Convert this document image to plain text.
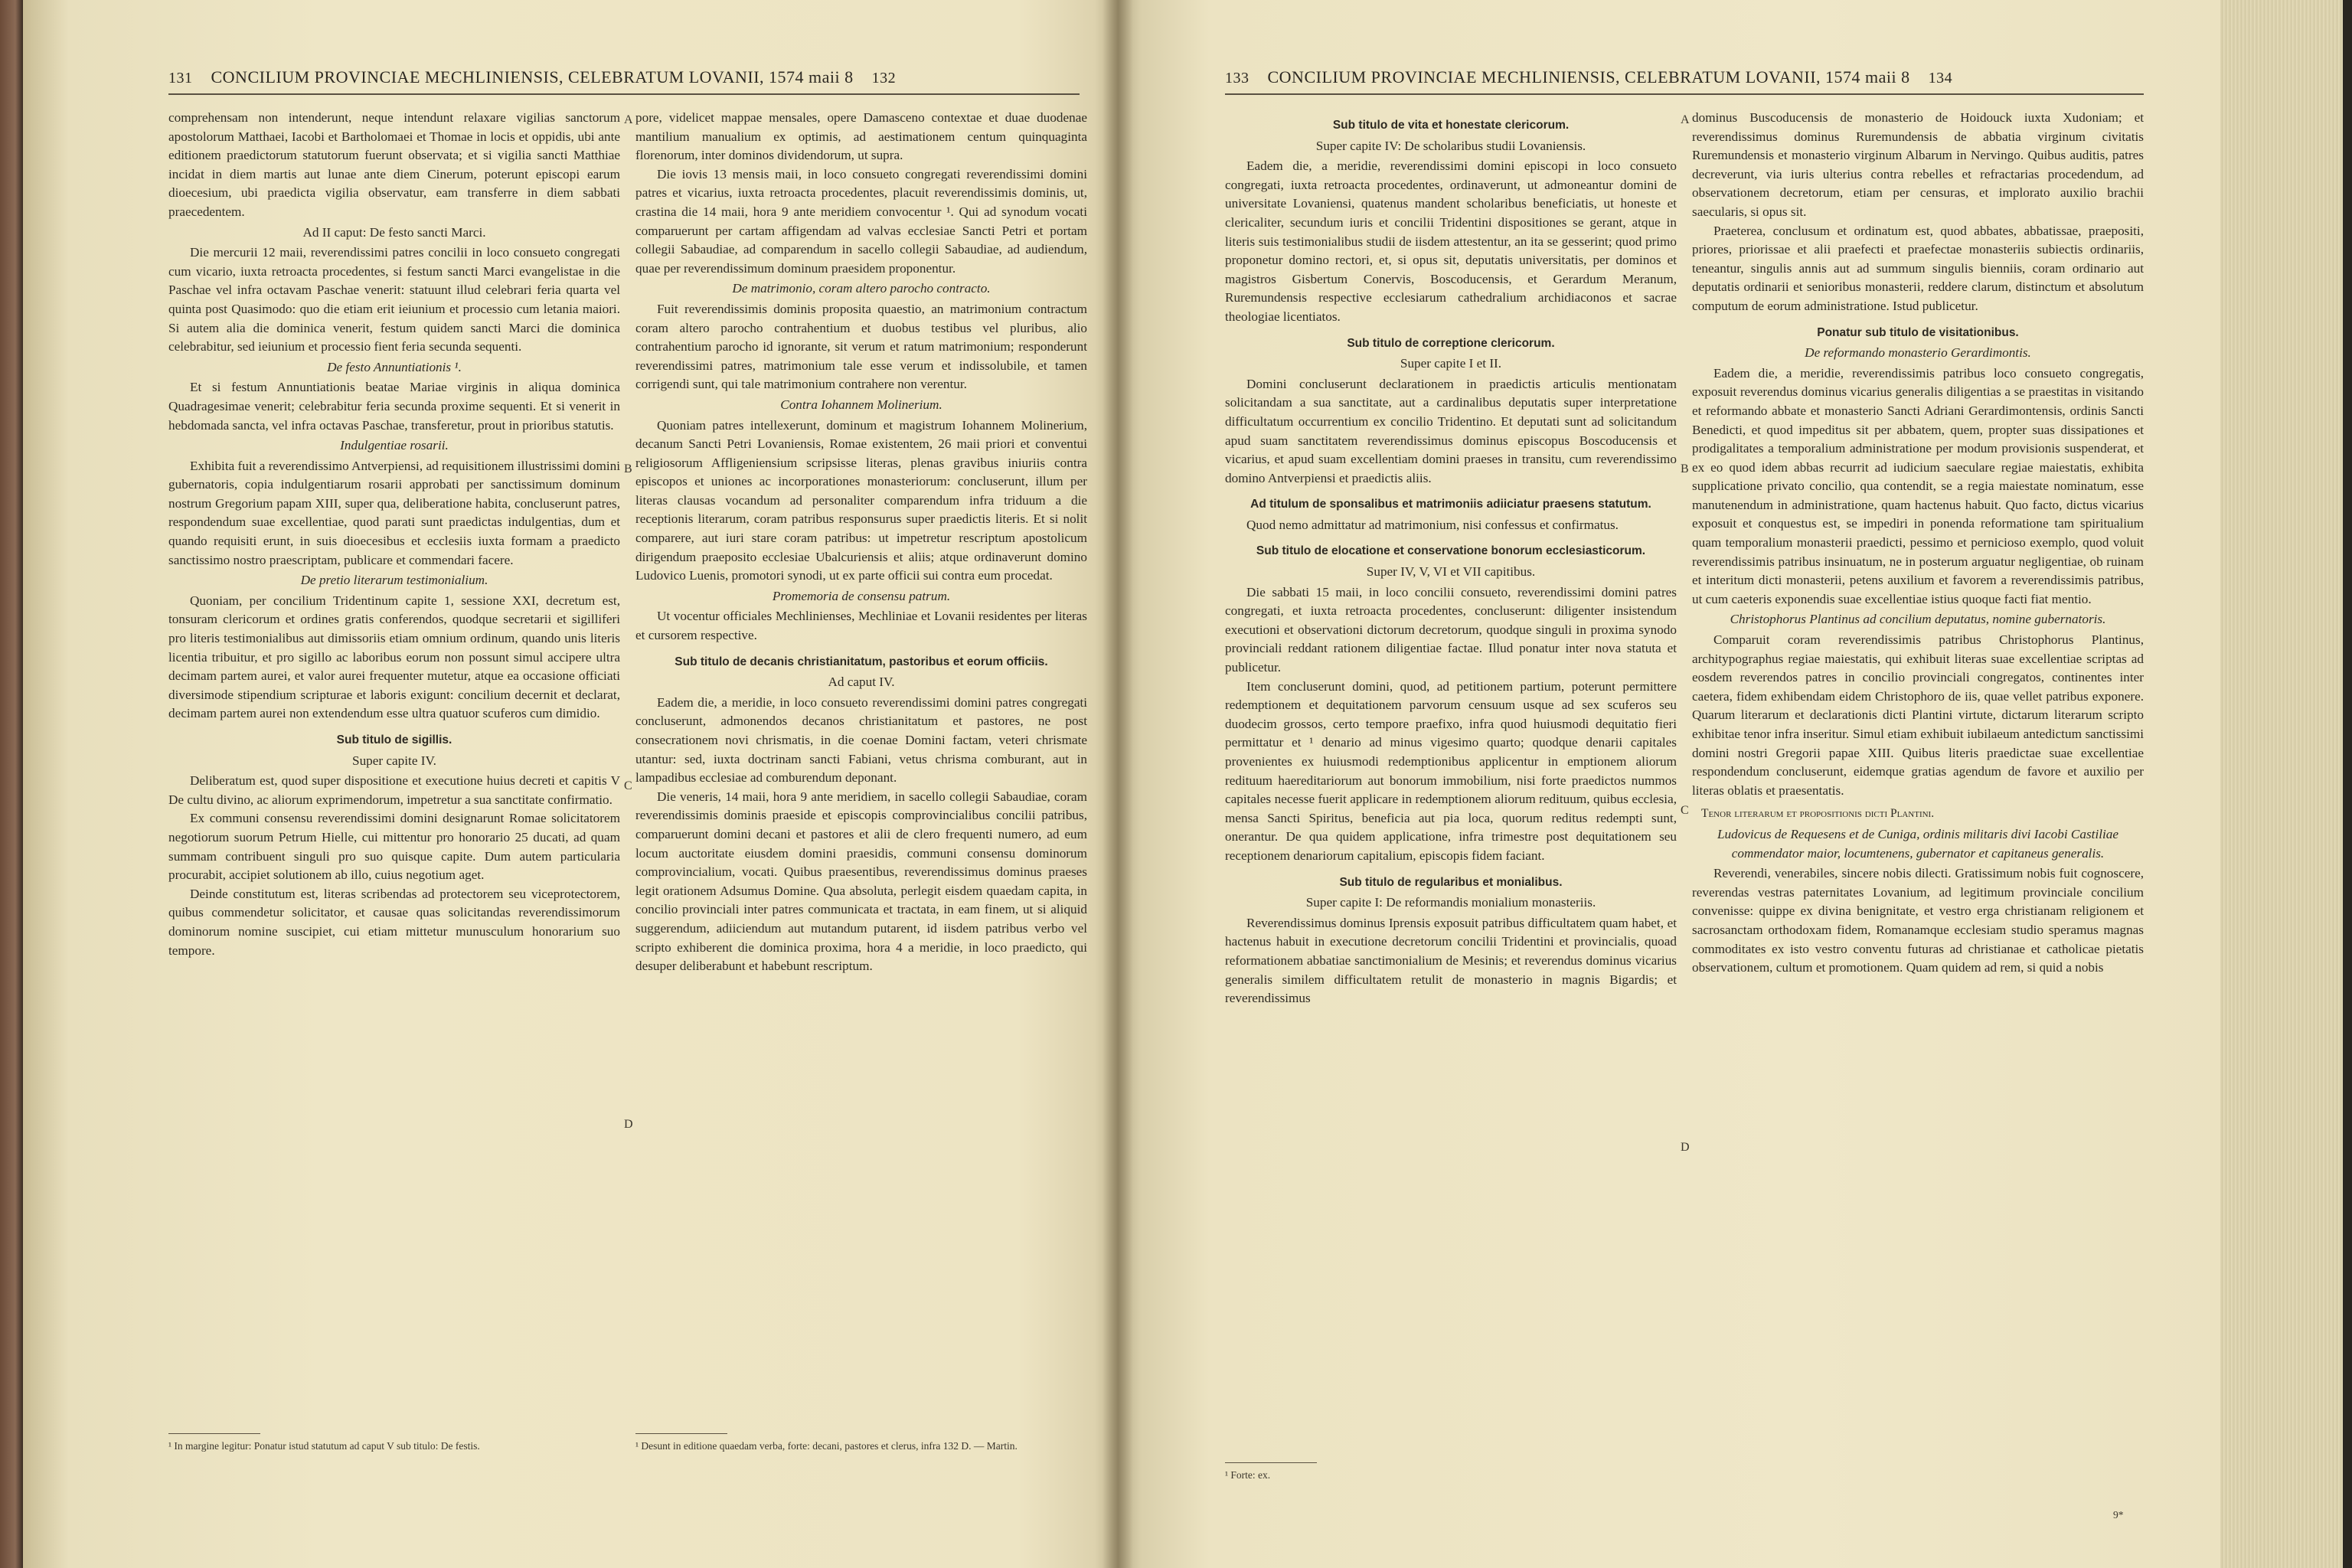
131 CONCILIUM PROVINCIAE MECHLINIENSIS, CELEBRATUM LOVANII, 1574 maii 8 132

comprehensam non intenderunt, neque intendunt relaxare vigilias sanctorum apostolorum Matthaei, Iacobi et Bartholomaei et Thomae in locis et oppidis, ubi ante editionem praedictorum statutorum fuerunt observata; et si vigilia sancti Matthiae incidat in diem martis aut lunae ante diem Cinerum, poterunt episcopi earum dioecesium, ubi praedicta vigilia observatur, eam transferre in diem sabbati praecedentem.

Ad II caput: De festo sancti Marci.

Die mercurii 12 maii, reverendissimi patres concilii in loco consueto congregati cum vicario, iuxta retroacta procedentes, si festum sancti Marci evangelistae in die Paschae vel infra octavam Paschae venerit: statuunt illud celebrari feria quarta vel quinta post Quasimodo: quo die etiam erit ieiunium et processio cum letania maiori. Si autem alia die dominica venerit, festum quidem sancti Marci die dominica celebrabitur, sed ieiunium et processio fient feria secunda sequenti.

De festo Annuntiationis ¹.

Et si festum Annuntiationis beatae Mariae virginis in aliqua dominica Quadragesimae venerit; celebrabitur feria secunda proxime sequenti. Et si venerit in hebdomada sancta, vel infra octavas Paschae, transferetur, prout in prioribus statutis.

Indulgentiae rosarii.

Exhibita fuit a reverendissimo Antverpiensi, ad requisitionem illustrissimi domini gubernatoris, copia indulgentiarum rosarii approbati per sanctissimum dominum nostrum Gregorium papam XIII, super qua, deliberatione habita, concluserunt patres, respondendum suae excellentiae, quod parati sunt praedictas indulgentias, dum et quando requisiti erunt, in suis dioecesibus et ecclesiis iuxta formam a praedicto sanctissimo nostro praescriptam, publicare et commendari facere.

De pretio literarum testimonialium.

Quoniam, per concilium Tridentinum capite 1, sessione XXI, decretum est, tonsuram clericorum et ordines gratis conferendos, quodque secretarii et sigilliferi pro literis testimonialibus aut dimissoriis etiam omnium ordinum, quando unis literis licentia tribuitur, et pro sigillo ac laboribus eorum non possunt simul accipere ultra decimam partem aurei, et valor aurei frequenter mutetur, atque ea occasione officiati diversimode stipendium scripturae et laboris exigunt: concilium decernit et declarat, decimam partem aurei non extendendum esse ultra quatuor scuferos cum dimidio.

Sub titulo de sigillis.

Super capite IV.

Deliberatum est, quod super dispositione et executione huius decreti et capitis V De cultu divino, ac aliorum exprimendorum, impetretur a sua sanctitate confirmatio.

Ex communi consensu reverendissimi domini designarunt Romae solicitatorem negotiorum suorum Petrum Hielle, cui mittentur pro honorario 25 ducati, ad quam summam contribuent singuli pro suo quisque capite. Dum autem particularia procurabit, accipiet solutionem ab illo, cuius negotium aget.

Deinde constitutum est, literas scribendas ad protectorem seu viceprotectorem, quibus commendetur solicitator, et causae quas solicitandas reverendissimorum dominorum nomine suscipiet, cui etiam mittetur munusculum honorarium suo tempore.

pore, videlicet mappae mensales, opere Damasceno contextae et duae duodenae mantilium manualium ex optimis, ad aestimationem centum quinquaginta florenorum, inter dominos dividendorum, ut supra.

Die iovis 13 mensis maii, in loco consueto congregati reverendissimi domini patres et vicarius, iuxta retroacta procedentes, placuit reverendissimis dominis, ut, crastina die 14 maii, hora 9 ante meridiem convocentur ¹. Qui ad synodum vocati comparuerunt per cartam affigendam ad valvas ecclesiae Sancti Petri et portam collegii Sabaudiae, ad comparendum in sacello collegii Sabaudiae, ad audiendum, quae per reverendissimum dominum praesidem proponentur.

De matrimonio, coram altero parocho contracto.

Fuit reverendissimis dominis proposita quaestio, an matrimonium contractum coram altero parocho contrahentium et duobus testibus vel pluribus, alio contrahentium parocho id ignorante, sit verum et ratum matrimonium; responderunt reverendissimi patres, matrimonium tale esse verum et indissolubile, et tamen corrigendi sunt, qui tale matrimonium contrahere non verentur.

Contra Iohannem Molinerium.

Quoniam patres intellexerunt, dominum et magistrum Iohannem Molinerium, decanum Sancti Petri Lovaniensis, Romae existentem, 26 maii priori et conventui religiosorum Affligeniensium scripsisse literas, plenas gravibus iniuriis contra episcopos et uniones ac incorporationes monasteriorum: concluserunt, illum per literas clausas vocandum ad personaliter comparendum infra triduum a die receptionis literarum, coram patribus responsurus super praedictis literis. Et si nolit comparere, aut iuri stare coram patribus: ut impetretur rescriptum apostolicum dirigendum praeposito ecclesiae Ubalcuriensis et aliis; atque ordinaverunt domino Ludovico Luenis, promotori synodi, ut ex parte officii sui contra eum procedat.

Promemoria de consensu patrum.

Ut vocentur officiales Mechlinienses, Mechliniae et Lovanii residentes per literas et cursorem respective.

Sub titulo de decanis christianitatum, pastoribus et eorum officiis.

Ad caput IV.

Eadem die, a meridie, in loco consueto reverendissimi domini patres congregati concluserunt, admonendos decanos christianitatum et pastores, ne post consecrationem novi chrismatis, in die coenae Domini factam, veteri chrismate utantur: sed, iuxta doctrinam sancti Fabiani, vetus chrisma comburant, aut in lampadibus ecclesiae ad comburendum deponant.

Die veneris, 14 maii, hora 9 ante meridiem, in sacello collegii Sabaudiae, coram reverendissimis dominis praeside et episcopis comprovincialibus concilii patribus, comparuerunt domini decani et pastores et alii de clero frequenti numero, ad eum locum auctoritate eiusdem domini praesidis, communi consensu dominorum comprovincialium, vocati. Quibus praesentibus, reverendissimus dominus praeses legit orationem Adsumus Domine. Qua absoluta, perlegit eisdem quaedam capita, in concilio provinciali inter patres communicata et tractata, in eam finem, ut si aliquid suggerendum, adiiciendum aut mutandum putarent, id iisdem patribus verbo vel scripto exhiberent die dominica proxima, hora 4 a meridie, in loco praedicto, qui desuper deliberabunt et habebunt rescriptum.

A
B
C
D
¹ In margine legitur: Ponatur istud statutum ad caput V sub titulo: De festis.	¹ Desunt in editione quaedam verba, forte: decani, pastores et clerus, infra 132 D. — Martin.
133 CONCILIUM PROVINCIAE MECHLINIENSIS, CELEBRATUM LOVANII, 1574 maii 8 134

Sub titulo de vita et honestate clericorum.

Super capite IV: De scholaribus studii Lovaniensis.

Eadem die, a meridie, reverendissimi domini episcopi in loco consueto congregati, iuxta retroacta procedentes, ordinaverunt, ut admoneantur domini de universitate Lovaniensi, quatenus mandent scholaribus beneficiatis, ut honeste et clericaliter, secundum iuris et concilii Tridentini dispositiones se gerant, atque in literis suis testimonialibus studii de iisdem attestentur, an ita se gesserint; quod primo proponetur domino rectori, et, si opus sit, deputatis universitatis, per dominos et magistros Gisbertum Conervis, Boscoducensis, et Gerardum Meranum, Ruremundensis respective ecclesiarum cathedralium archidiaconos et sacrae theologiae licentiatos.

Sub titulo de correptione clericorum.

Super capite I et II.

Domini concluserunt declarationem in praedictis articulis mentionatam solicitandam a sua sanctitate, aut a cardinalibus deputatis super interpretatione difficultatum occurrentium ex concilio Tridentino. Et deputati sunt ad solicitandum apud suam sanctitatem reverendissimus dominus episcopus Boscoducensis et vicarius, et apud suam excellentiam domini praeses in transitu, cum reverendissimo domino Antverpiensi et praedictis aliis.

Ad titulum de sponsalibus et matrimoniis adiiciatur praesens statutum.

Quod nemo admittatur ad matrimonium, nisi confessus et confirmatus.

Sub titulo de elocatione et conservatione bonorum ecclesiasticorum.

Super IV, V, VI et VII capitibus.

Die sabbati 15 maii, in loco concilii consueto, reverendissimi domini patres congregati, et iuxta retroacta procedentes, concluserunt: diligenter insistendum executioni et observationi dictorum decretorum, quodque singuli in proxima synodo provinciali reddant rationem diligentiae factae. Illud ponatur inter nova statuta et publicetur.

Item concluserunt domini, quod, ad petitionem partium, poterunt permittere redemptionem et dequitationem parvorum censuum usque ad sex scuferos seu duodecim grossos, certo tempore praefixo, infra quod huiusmodi dequitatio fieri permittatur et ¹ denario ad minus vigesimo quarto; quodque denarii capitales provenientes ex huiusmodi redemptionibus applicentur in emptionem aliorum redituum haereditariorum aut bonorum immobilium, nisi forte praedictos nummos capitales necesse fuerit applicare in redemptionem aliorum redituum, quibus ecclesia, mensa Sancti Spiritus, beneficia aut pia loca, quorum reditus redempti sunt, onerantur. De qua quidem applicatione, infra trimestre post dequitationem seu receptionem denariorum capitalium, episcopis fidem faciant.

Sub titulo de regularibus et monialibus.

Super capite I: De reformandis monialium monasteriis.

Reverendissimus dominus Iprensis exposuit patribus difficultatem quam habet, et hactenus habuit in executione decretorum concilii Tridentini et provincialis, quoad reformationem abbatiae sanctimonialium de Mesinis; et reverendus dominus vicarius generalis similem difficultatem retulit de monasterio in magnis Bigardis; et reverendissimus

dominus Buscoducensis de monasterio de Hoidouck iuxta Xudoniam; et reverendissimus dominus Ruremundensis de abbatia virginum civitatis Ruremundensis et monasterio virginum Albarum in Nervingo. Quibus auditis, patres decreverunt, via iuris ulterius contra rebelles et refractarias procedendum, ad observationem decretorum, etiam per censuras, et implorato auxilio brachii saecularis, si opus sit.

Praeterea, conclusum et ordinatum est, quod abbates, abbatissae, praepositi, priores, priorissae et alii praefecti et praefectae monasteriis subiectis ordinariis, teneantur, singulis annis aut ad summum singulis bienniis, coram ordinario aut deputatis ordinarii et senioribus monasterii, reddere clarum, distinctum et absolutum computum de eorum administratione. Istud publicetur.

Ponatur sub titulo de visitationibus.

De reformando monasterio Gerardimontis.

Eadem die, a meridie, reverendissimis patribus loco consueto congregatis, exposuit reverendus dominus vicarius generalis diligentias a se praestitas in visitando et reformando abbate et monasterio Sancti Adriani Gerardimontensis, ordinis Sancti Benedicti, et quod impeditus sit per abbatem, quem, propter suas dissipationes et prodigalitates a temporalium administratione per modum provisionis suspenderat, et ex eo quod idem abbas recurrit ad iudicium saeculare regiae maiestatis, exhibita supplicatione privato concilio, qua contendit, se a regia maiestate nominatum, esse manutenendum in administratione, quam hactenus habuit. Quo facto, dictus vicarius exposuit et conquestus est, se impediri in ponenda reformatione tam spiritualium quam temporalium monasterii praedicti, pessimo et pernicioso exemplo, quod voluit reverendissimis patribus insinuatum, ne in posterum arguatur negligentiae, ob ruinam et interitum dicti monasterii, petens auxilium et favorem a reverendissimis patribus, ut cum caeteris exponendis suae excellentiae istius quoque facti fiat mentio.

Christophorus Plantinus ad concilium deputatus, nomine gubernatoris.

Comparuit coram reverendissimis patribus Christophorus Plantinus, architypographus regiae maiestatis, qui exhibuit literas suae excellentiae scriptas ad eosdem reverendos patres in concilio provinciali congregatos, continentes inter caetera, fidem exhibendam eidem Christophoro de iis, quae vellet patribus exponere. Quarum literarum et declarationis dicti Plantini virtute, dictarum literarum scripto exhibitae tenor infra inseritur. Simul etiam exhibuit iubilaeum antedictum sanctissimi domini nostri Gregorii papae XIII. Quibus literis praedictae suae excellentiae respondendum concluserunt, eidemque gratias agendum de favore et auxilio per literas oblatis et praesentatis.

Tenor literarum et propositionis dicti Plantini.

Ludovicus de Requesens et de Cuniga, ordinis militaris divi Iacobi Castiliae commendator maior, locumtenens, gubernator et capitaneus generalis.

Reverendi, venerabiles, sincere nobis dilecti. Gratissimum nobis fuit cognoscere, reverendas vestras paternitates Lovanium, ad legitimum provinciale concilium convenisse: quippe ex divina benignitate, et vestro erga christianam religionem et sacrosanctam orthodoxam fidem, Romanamque ecclesiam studio speramus magnas commoditates ex isto vestro conventu futuras ad christianae et catholicae pietatis observationem, cultum et promotionem. Quam quidem ad rem, si quid a nobis

A
B
C
D
¹ Forte: ex.
9*
